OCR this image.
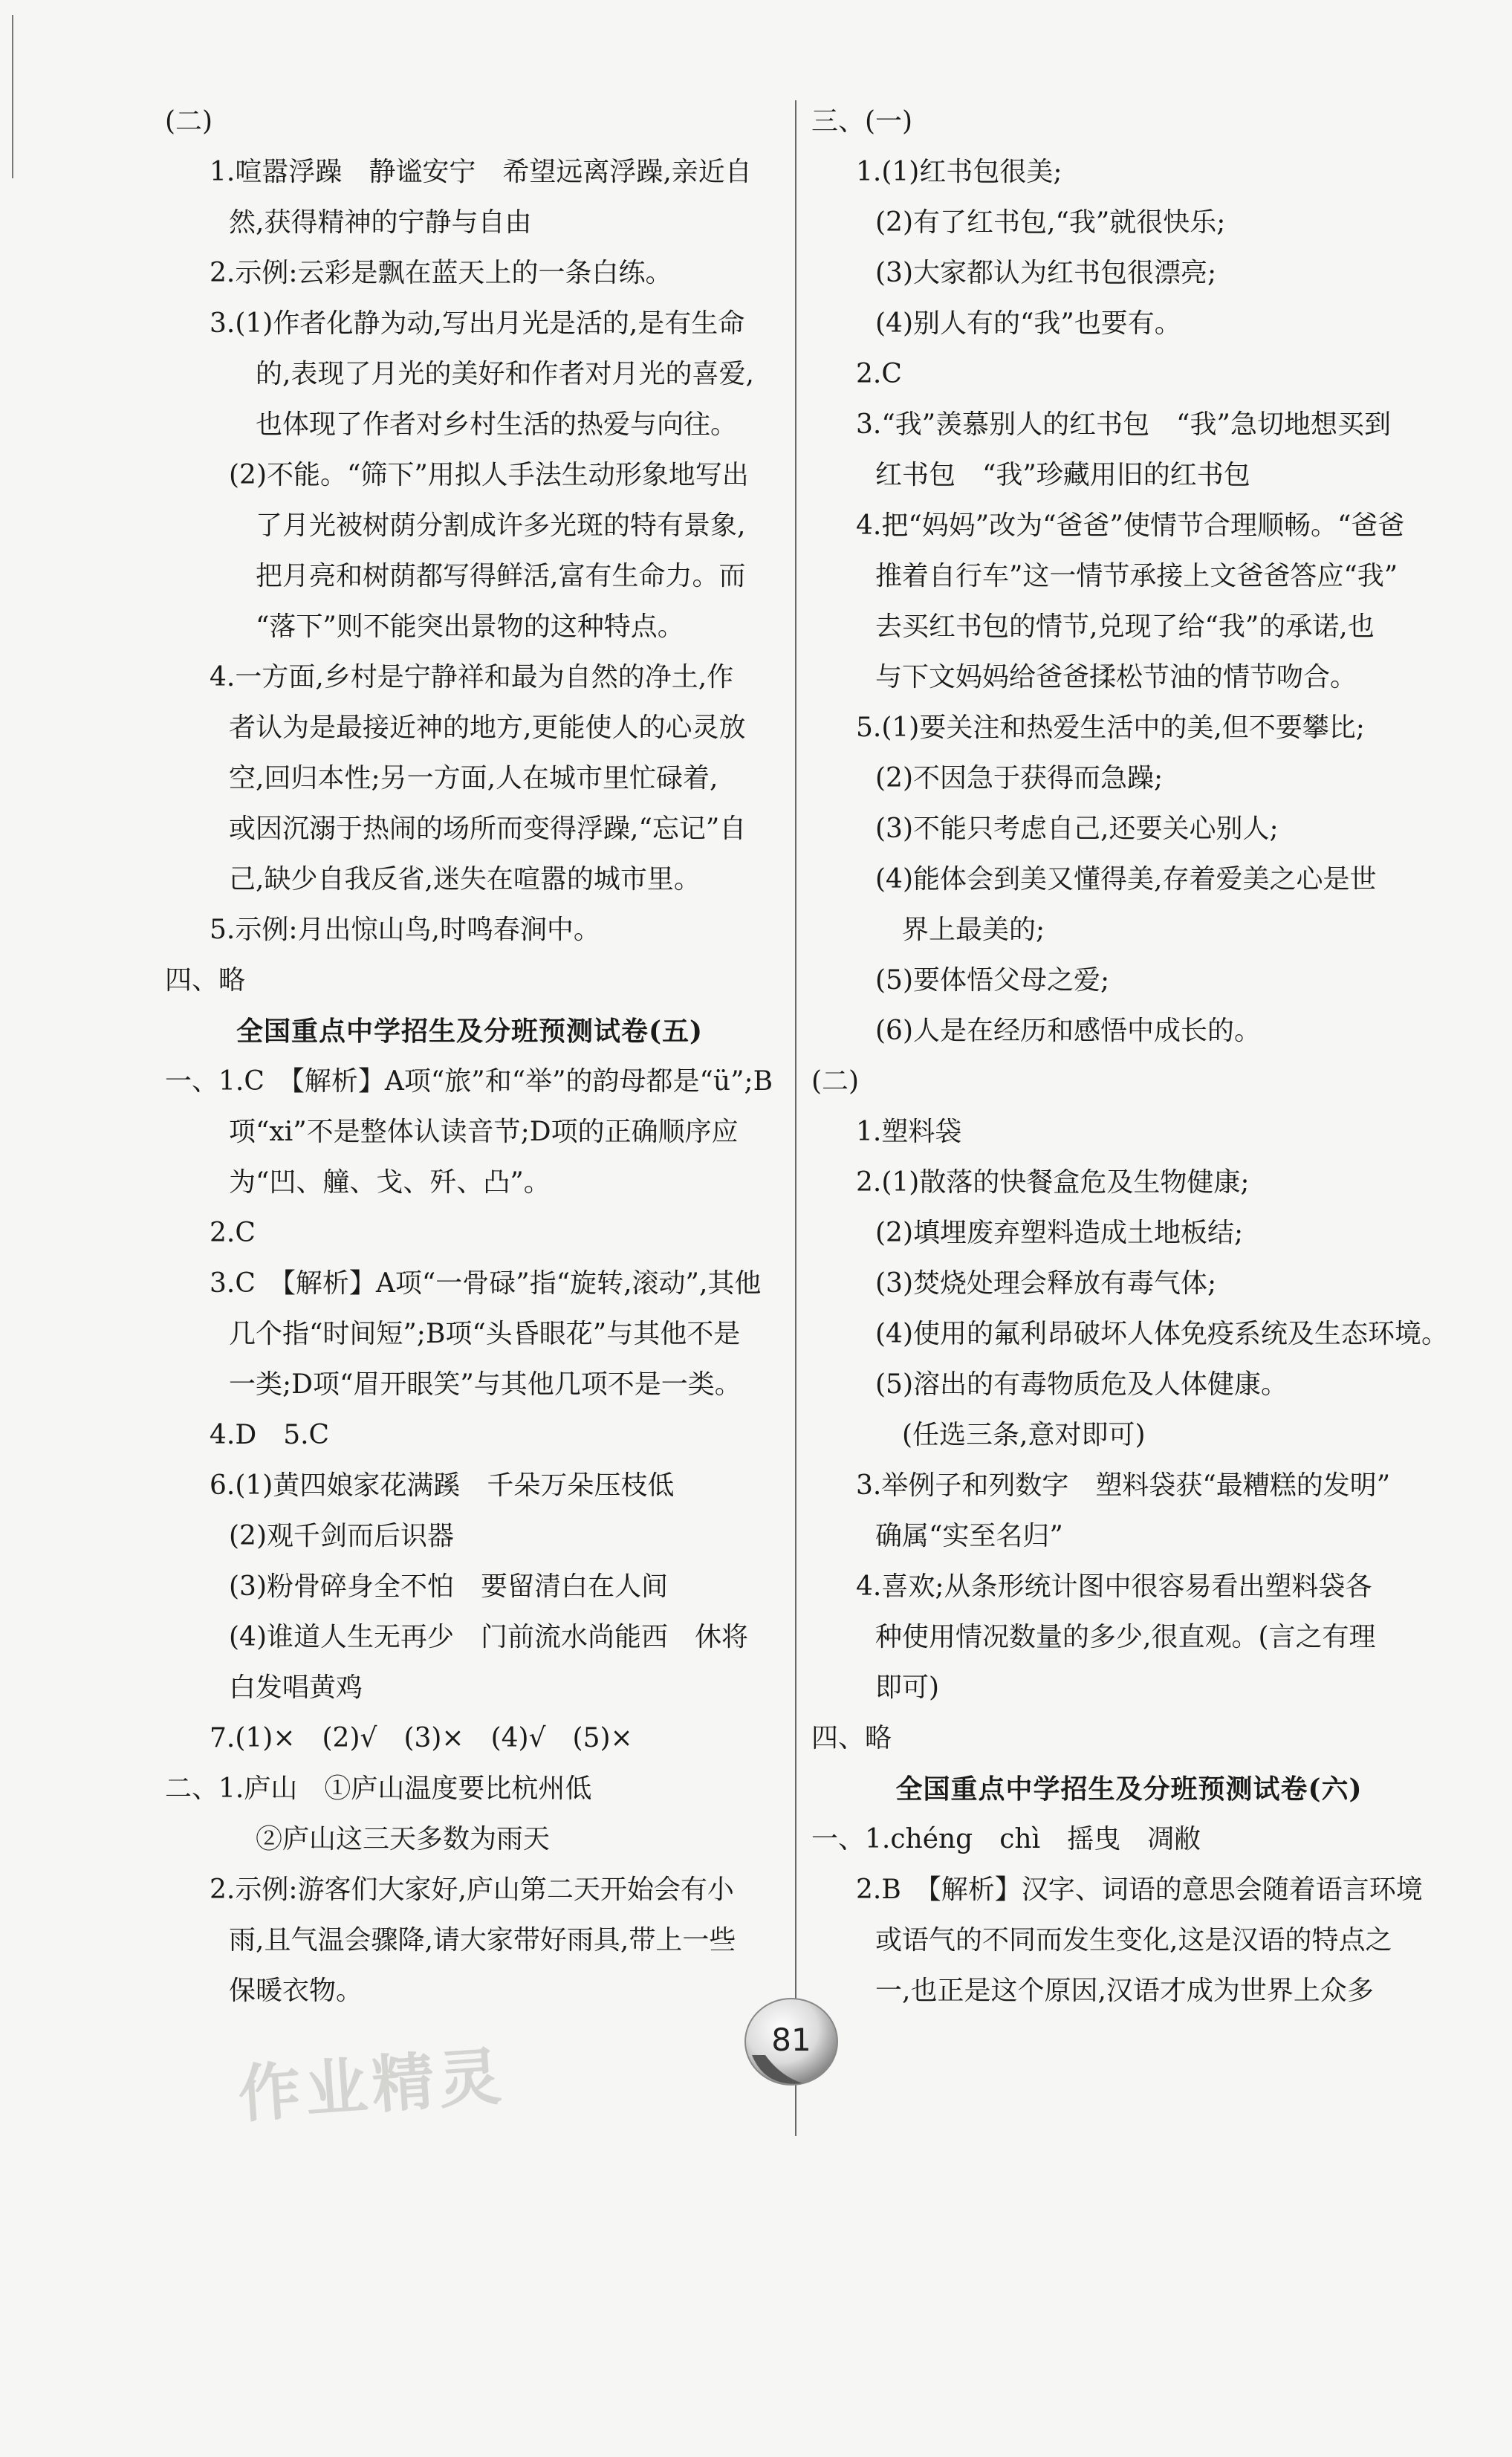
(二)
1.喧嚣浮躁　静谧安宁　希望远离浮躁,亲近自
然,获得精神的宁静与自由
2.示例:云彩是飘在蓝天上的一条白练。
3.(1)作者化静为动,写出月光是活的,是有生命
的,表现了月光的美好和作者对月光的喜爱,
也体现了作者对乡村生活的热爱与向往。
(2)不能。“筛下”用拟人手法生动形象地写出
了月光被树荫分割成许多光斑的特有景象,
把月亮和树荫都写得鲜活,富有生命力。而
“落下”则不能突出景物的这种特点。
4.一方面,乡村是宁静祥和最为自然的净土,作
者认为是最接近神的地方,更能使人的心灵放
空,回归本性;另一方面,人在城市里忙碌着,
或因沉溺于热闹的场所而变得浮躁,“忘记”自
己,缺少自我反省,迷失在喧嚣的城市里。
5.示例:月出惊山鸟,时鸣春涧中。
四、略
全国重点中学招生及分班预测试卷(五)
一、1.C　【解析】A项“旅”和“举”的韵母都是“ü”;B
项“xi”不是整体认读音节;D项的正确顺序应
为“凹、艟、戈、歼、凸”。
2.C
3.C　【解析】A项“一骨碌”指“旋转,滚动”,其他
几个指“时间短”;B项“头昏眼花”与其他不是
一类;D项“眉开眼笑”与其他几项不是一类。
4.D　5.C
6.(1)黄四娘家花满蹊　千朵万朵压枝低
(2)观千剑而后识器
(3)粉骨碎身全不怕　要留清白在人间
(4)谁道人生无再少　门前流水尚能西　休将
白发唱黄鸡
7.(1)×　(2)√　(3)×　(4)√　(5)×
二、1.庐山　①庐山温度要比杭州低
②庐山这三天多数为雨天
2.示例:游客们大家好,庐山第二天开始会有小
雨,且气温会骤降,请大家带好雨具,带上一些
保暖衣物。
三、(一)
1.(1)红书包很美;
(2)有了红书包,“我”就很快乐;
(3)大家都认为红书包很漂亮;
(4)别人有的“我”也要有。
2.C
3.“我”羡慕别人的红书包　“我”急切地想买到
红书包　“我”珍藏用旧的红书包
4.把“妈妈”改为“爸爸”使情节合理顺畅。“爸爸
推着自行车”这一情节承接上文爸爸答应“我”
去买红书包的情节,兑现了给“我”的承诺,也
与下文妈妈给爸爸揉松节油的情节吻合。
5.(1)要关注和热爱生活中的美,但不要攀比;
(2)不因急于获得而急躁;
(3)不能只考虑自己,还要关心别人;
(4)能体会到美又懂得美,存着爱美之心是世
界上最美的;
(5)要体悟父母之爱;
(6)人是在经历和感悟中成长的。
(二)
1.塑料袋
2.(1)散落的快餐盒危及生物健康;
(2)填埋废弃塑料造成土地板结;
(3)焚烧处理会释放有毒气体;
(4)使用的氟利昂破坏人体免疫系统及生态环境。
(5)溶出的有毒物质危及人体健康。
(任选三条,意对即可)
3.举例子和列数字　塑料袋获“最糟糕的发明”
确属“实至名归”
4.喜欢;从条形统计图中很容易看出塑料袋各
种使用情况数量的多少,很直观。(言之有理
即可)
四、略
全国重点中学招生及分班预测试卷(六)
一、1.chéng　chì　摇曳　凋敝
2.B　【解析】汉字、词语的意思会随着语言环境
或语气的不同而发生变化,这是汉语的特点之
一,也正是这个原因,汉语才成为世界上众多
81
作业精灵
